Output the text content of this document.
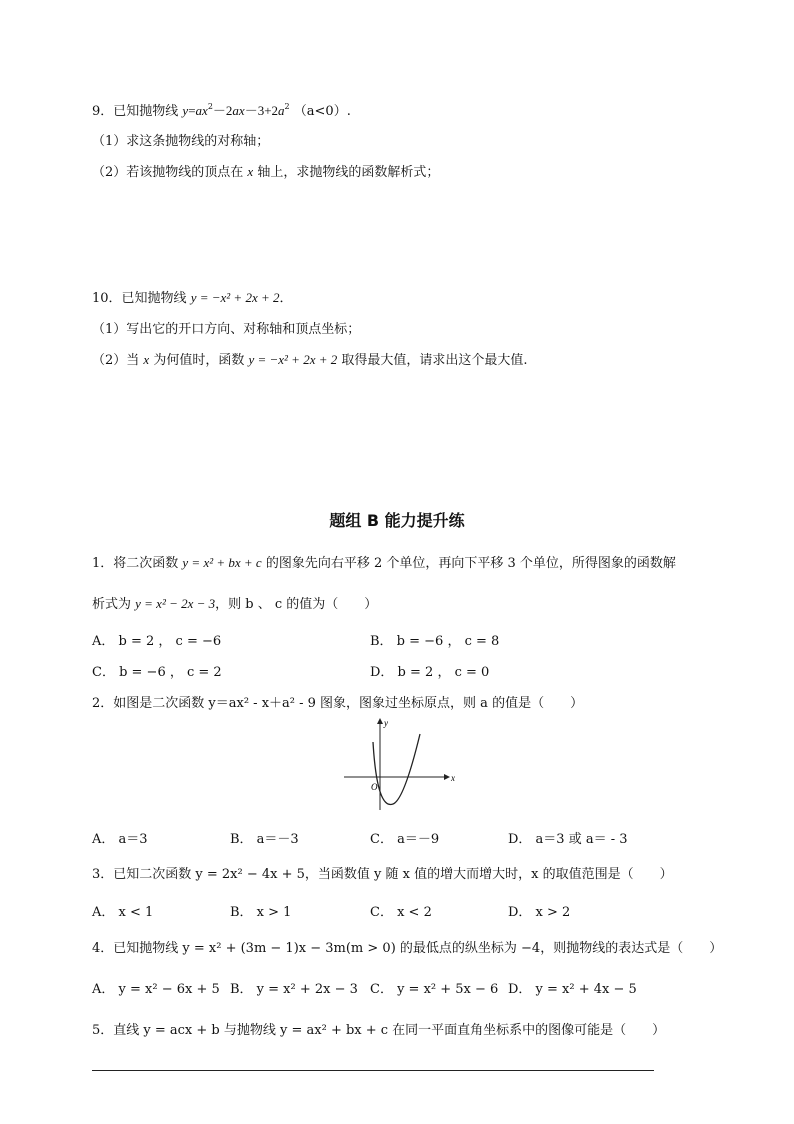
9．已知抛物线 $y=ax^2-2ax-3+2a^2$ （a<0）.
（1）求这条抛物线的对称轴；
（2）若该抛物线的顶点在 x 轴上，求抛物线的函数解析式；
10．已知抛物线 y = −x² + 2x + 2．
（1）写出它的开口方向、对称轴和顶点坐标；
（2）当 x 为何值时，函数 y = −x² + 2x + 2 取得最大值，请求出这个最大值.
题组 B 能力提升练
1．将二次函数 y = x² + bx + c 的图象先向右平移 2 个单位，再向下平移 3 个单位，所得图象的函数解
析式为 y = x² − 2x − 3，则 b 、 c 的值为（　　）
A． b = 2 ， c = −6	B． b = −6 ， c = 8
C． b = −6 ， c = 2	D． b = 2 ， c = 0
2．如图是二次函数 y＝ax² - x＋a² - 9 图象，图象过坐标原点，则 a 的值是（　　）
y
x
O
A． a＝3	B． a＝－3	C． a＝－9	D． a＝3 或 a＝ - 3
3．已知二次函数 y = 2x² − 4x + 5，当函数值 y 随 x 值的增大而增大时，x 的取值范围是（　　）
A． x < 1	B． x > 1	C． x < 2	D． x > 2
4．已知抛物线 y = x² + (3m − 1)x − 3m(m > 0) 的最低点的纵坐标为 −4，则抛物线的表达式是（　　）
A． y = x² − 6x + 5 B． y = x² + 2x − 3 C． y = x² + 5x − 6 D． y = x² + 4x − 5
5．直线 y = acx + b 与抛物线 y = ax² + bx + c 在同一平面直角坐标系中的图像可能是（　　）
